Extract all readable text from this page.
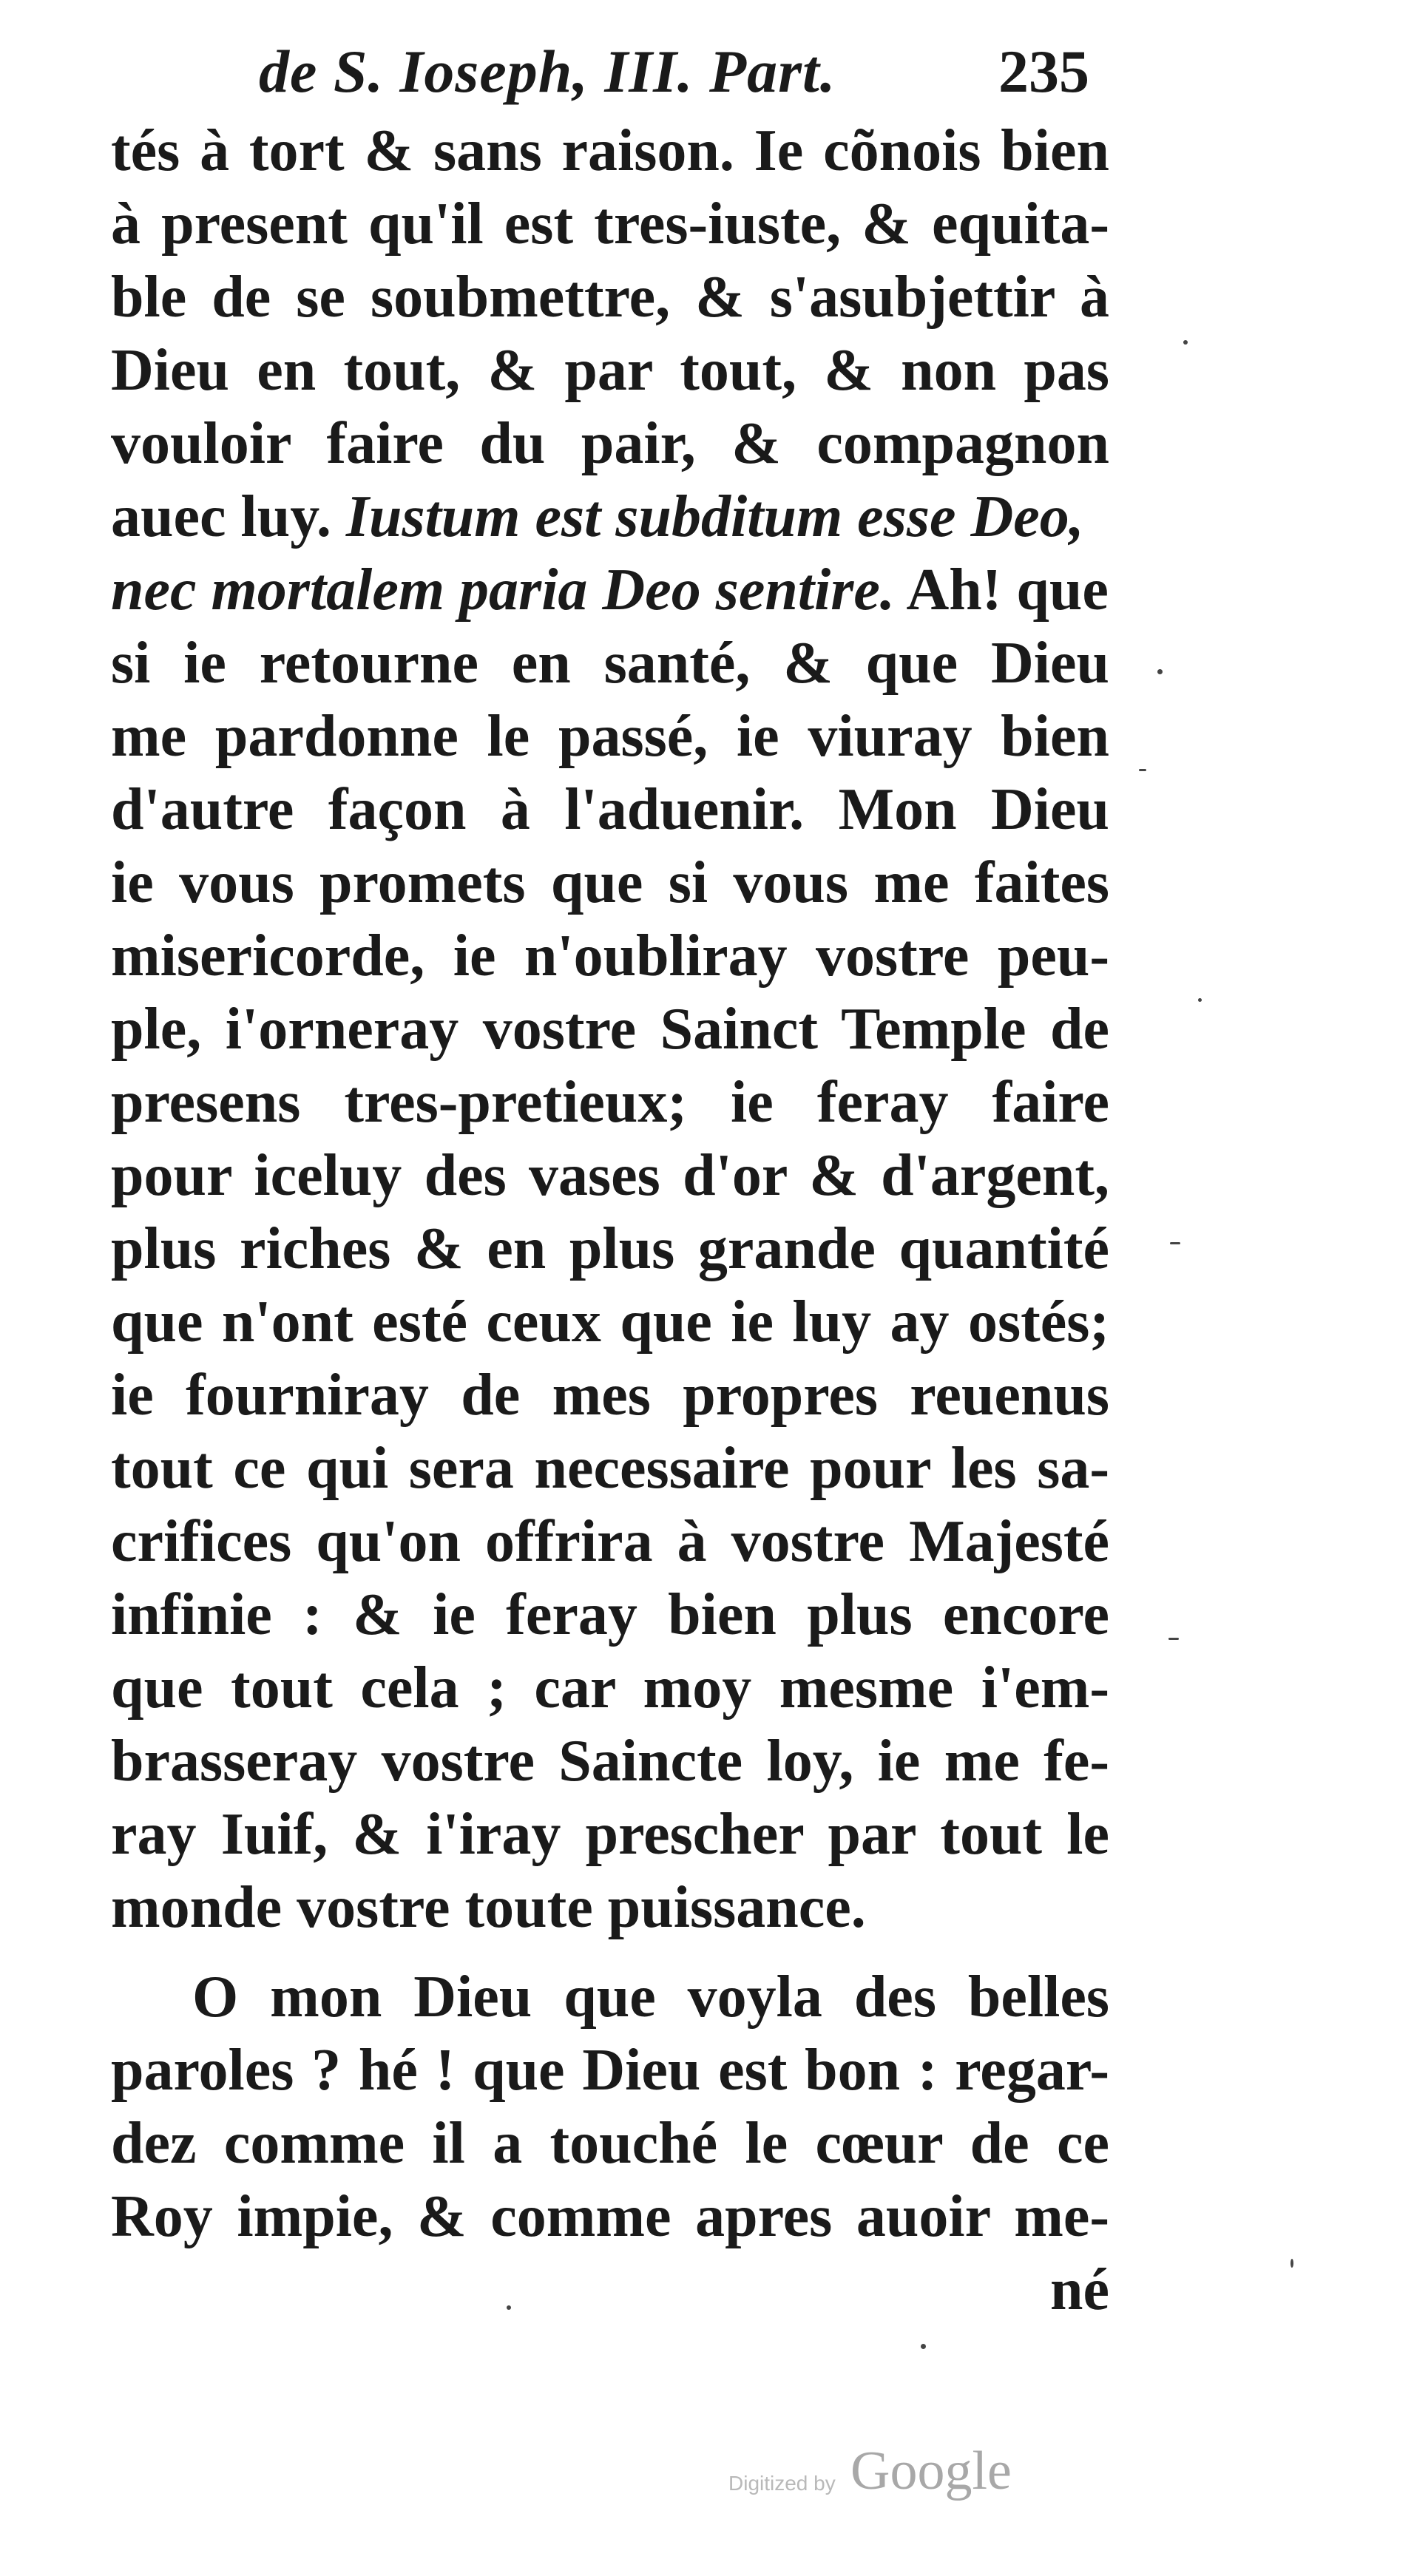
de S. Ioseph, III. Part.	235
tés à tort & sans raison. Ie cõnois bien
à present qu'il est tres-iuste, & equita-
ble de se soubmettre, & s'asubjettir à
Dieu en tout, & par tout, & non pas
vouloir faire du pair, & compagnon
auec luy. Iustum est subditum esse Deo,
nec mortalem paria Deo sentire. Ah! que
si ie retourne en santé, & que Dieu
me pardonne le passé, ie viuray bien
d'autre façon à l'aduenir. Mon Dieu
ie vous promets que si vous me faites
misericorde, ie n'oubliray vostre peu-
ple, i'orneray vostre Sainct Temple de
presens tres-pretieux; ie feray faire
pour iceluy des vases d'or & d'argent,
plus riches & en plus grande quantité
que n'ont esté ceux que ie luy ay ostés;
ie fourniray de mes propres reuenus
tout ce qui sera necessaire pour les sa-
crifices qu'on offrira à vostre Majesté
infinie : & ie feray bien plus encore
que tout cela ; car moy mesme i'em-
brasseray vostre Saincte loy, ie me fe-
ray Iuif, & i'iray prescher par tout le
monde vostre toute puissance.
O mon Dieu que voyla des belles
paroles ? hé ! que Dieu est bon : regar-
dez comme il a touché le cœur de ce
Roy impie, & comme apres auoir me-
né
Digitized by Google
